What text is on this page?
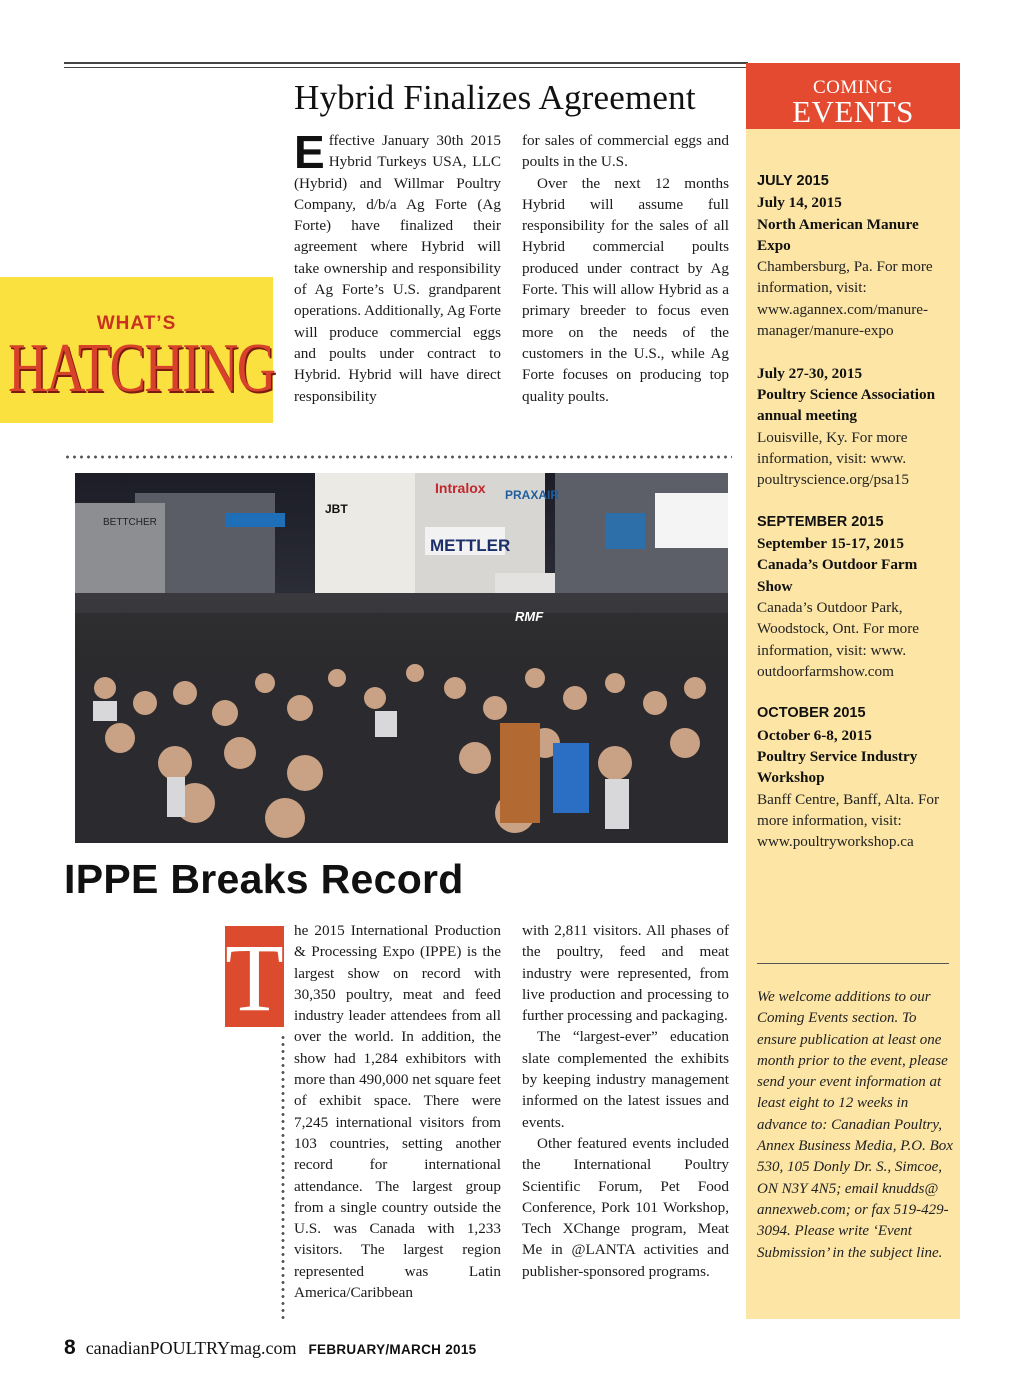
Hybrid Finalizes Agreement

Effective January 30th 2015 Hybrid Turkeys USA, LLC (Hybrid) and Willmar Poultry Company, d/b/a Ag Forte (Ag Forte) have finalized their agreement where Hybrid will take ownership and responsibility of Ag Forte’s U.S. grandparent operations. Additionally, Ag Forte will produce commercial eggs and poults under contract to Hybrid. Hybrid will have direct responsibility

for sales of commercial eggs and poults in the U.S.

Over the next 12 months Hybrid will assume full responsibility for the sales of all Hybrid commercial poults produced under contract by Ag Forte. This will allow Hybrid as a primary breeder to focus even more on the needs of the customers in the U.S., while Ag Forte focuses on producing top quality poults.

WHAT’S
HATCHING
Intralox PRAXAIR
JBT
METTLER
RMF
BETTCHER
IPPE Breaks Record
T he 2015 International Production & Processing Expo (IPPE) is the largest show on record with 30,350 poultry, meat and feed industry leader attendees from all over the world. In addition, the show had 1,284 exhibitors with more than 490,000 net square feet of exhibit space. There were 7,245 international visitors from 103 countries, setting another record for international attendance. The largest group from a single country outside the U.S. was Canada with 1,233 visitors. The largest region represented was Latin America/Caribbean

with 2,811 visitors. All phases of the poultry, feed and meat industry were represented, from live production and processing to further processing and packaging.

The “largest-ever” education slate complemented the exhibits by keeping industry management informed on the latest issues and events.

Other featured events included the International Poultry Scientific Forum, Pet Food Conference, Pork 101 Workshop, Tech XChange program, Meat Me in @LANTA activities and publisher-sponsored programs.

COMING
EVENTS
JULY 2015
July 14, 2015
North American Manure Expo
Chambersburg, Pa. For more information, visit: www.agannex.com/manure-manager/manure-expo
July 27-30, 2015
Poultry Science Association annual meeting
Louisville, Ky. For more information, visit: www. poultryscience.org/psa15
SEPTEMBER 2015
September 15-17, 2015
Canada’s Outdoor Farm Show
Canada’s Outdoor Park, Woodstock, Ont. For more information, visit: www. outdoorfarmshow.com
OCTOBER 2015
October 6-8, 2015
Poultry Service Industry Workshop
Banff Centre, Banff, Alta. For more information, visit: www.poultryworkshop.ca
We welcome additions to our Coming Events section. To ensure publication at least one month prior to the event, please send your event information at least eight to 12 weeks in advance to: Canadian Poultry, Annex Business Media, P.O. Box 530, 105 Donly Dr. S., Simcoe, ON N3Y 4N5; email knudds@ annexweb.com; or fax 519-429-3094. Please write ‘Event Submission’ in the subject line.
8 canadianPOULTRYmag.com FEBRUARY/MARCH 2015
